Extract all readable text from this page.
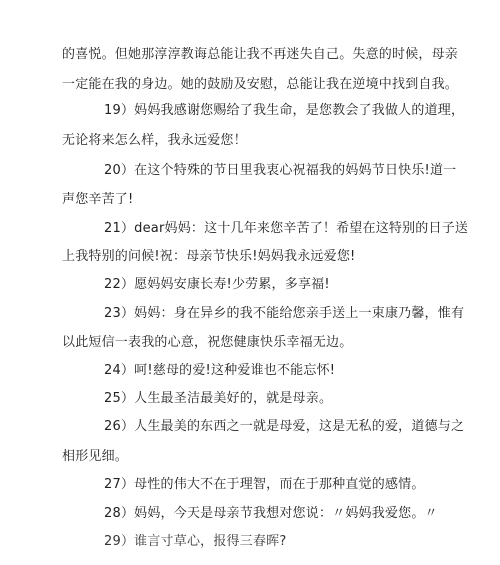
的喜悦。但她那淳淳教诲总能让我不再迷失自己。失意的时候，母亲
一定能在我的身边。她的鼓励及安慰，总能让我在逆境中找到自我。
19）妈妈我感谢您赐给了我生命，是您教会了我做人的道理，
无论将来怎么样，我永远爱您！
20）在这个特殊的节日里我衷心祝福我的妈妈节日快乐!道一
声您辛苦了!
21）dear妈妈：这十几年来您辛苦了！希望在这特别的日子送
上我特别的问候!祝：母亲节快乐!妈妈我永远爱您!
22）愿妈妈安康长寿!少劳累，多享福!
23）妈妈：身在异乡的我不能给您亲手送上一束康乃馨，惟有
以此短信一表我的心意，祝您健康快乐幸福无边。
24）呵!慈母的爱!这种爱谁也不能忘怀!
25）人生最圣洁最美好的，就是母亲。
26）人生最美的东西之一就是母爱，这是无私的爱，道德与之
相形见细。
27）母性的伟大不在于理智，而在于那种直觉的感情。
28）妈妈，今天是母亲节我想对您说：〃妈妈我爱您。〃
29）谁言寸草心，报得三春晖?
